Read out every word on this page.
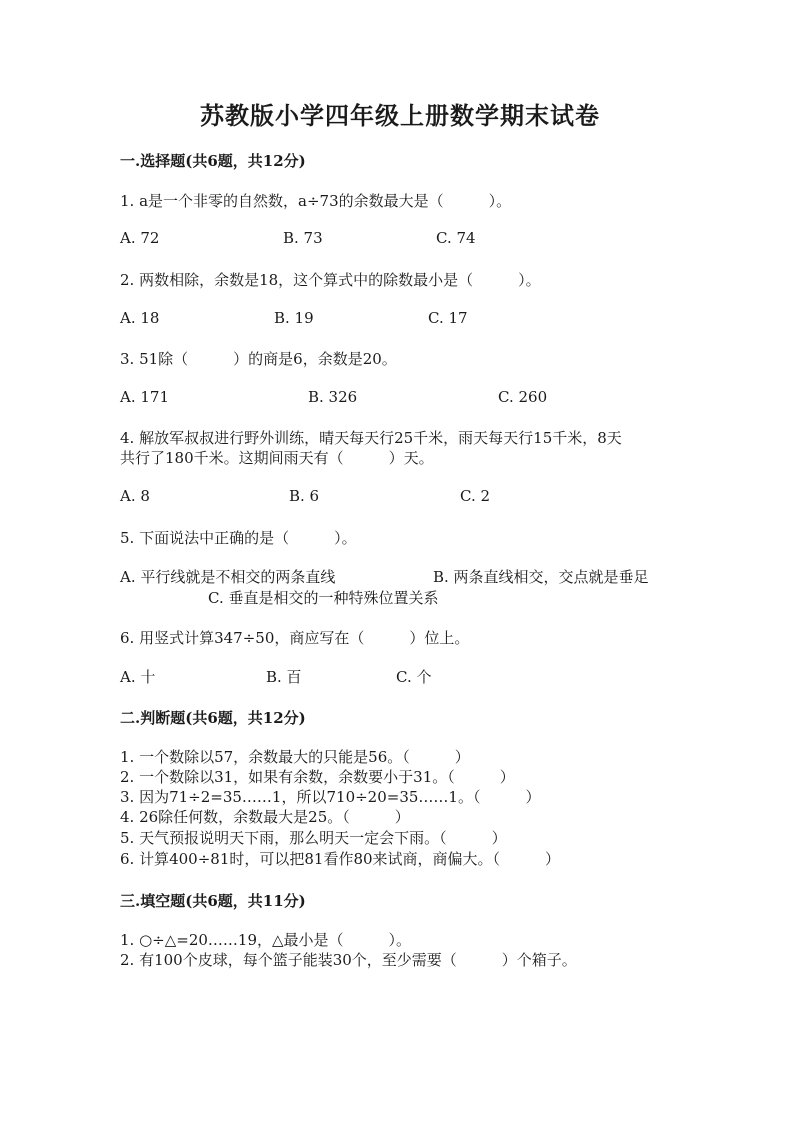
苏教版小学四年级上册数学期末试卷
一.选择题(共6题，共12分)
1. a是一个非零的自然数，a÷73的余数最大是（　　　）。
A. 72	B. 73	C. 74
2. 两数相除，余数是18，这个算式中的除数最小是（　　　）。
A. 18	B. 19	C. 17
3. 51除（　　　）的商是6，余数是20。
A. 171	B. 326	C. 260
4. 解放军叔叔进行野外训练，晴天每天行25千米，雨天每天行15千米，8天
共行了180千米。这期间雨天有（　　　）天。
A. 8	B. 6	C. 2
5. 下面说法中正确的是（　　　）。
A. 平行线就是不相交的两条直线	B. 两条直线相交，交点就是垂足
C. 垂直是相交的一种特殊位置关系
6. 用竖式计算347÷50，商应写在（　　　）位上。
A. 十	B. 百	C. 个
二.判断题(共6题，共12分)
1. 一个数除以57，余数最大的只能是56。（　　　）
2. 一个数除以31，如果有余数，余数要小于31。（　　　）
3. 因为71÷2=35……1，所以710÷20=35……1。（　　　）
4. 26除任何数，余数最大是25。（　　　）
5. 天气预报说明天下雨，那么明天一定会下雨。（　　　）
6. 计算400÷81时，可以把81看作80来试商，商偏大。（　　　）
三.填空题(共6题，共11分)
1. ○÷△=20……19，△最小是（　　　）。
2. 有100个皮球，每个篮子能装30个，至少需要（　　　）个箱子。
